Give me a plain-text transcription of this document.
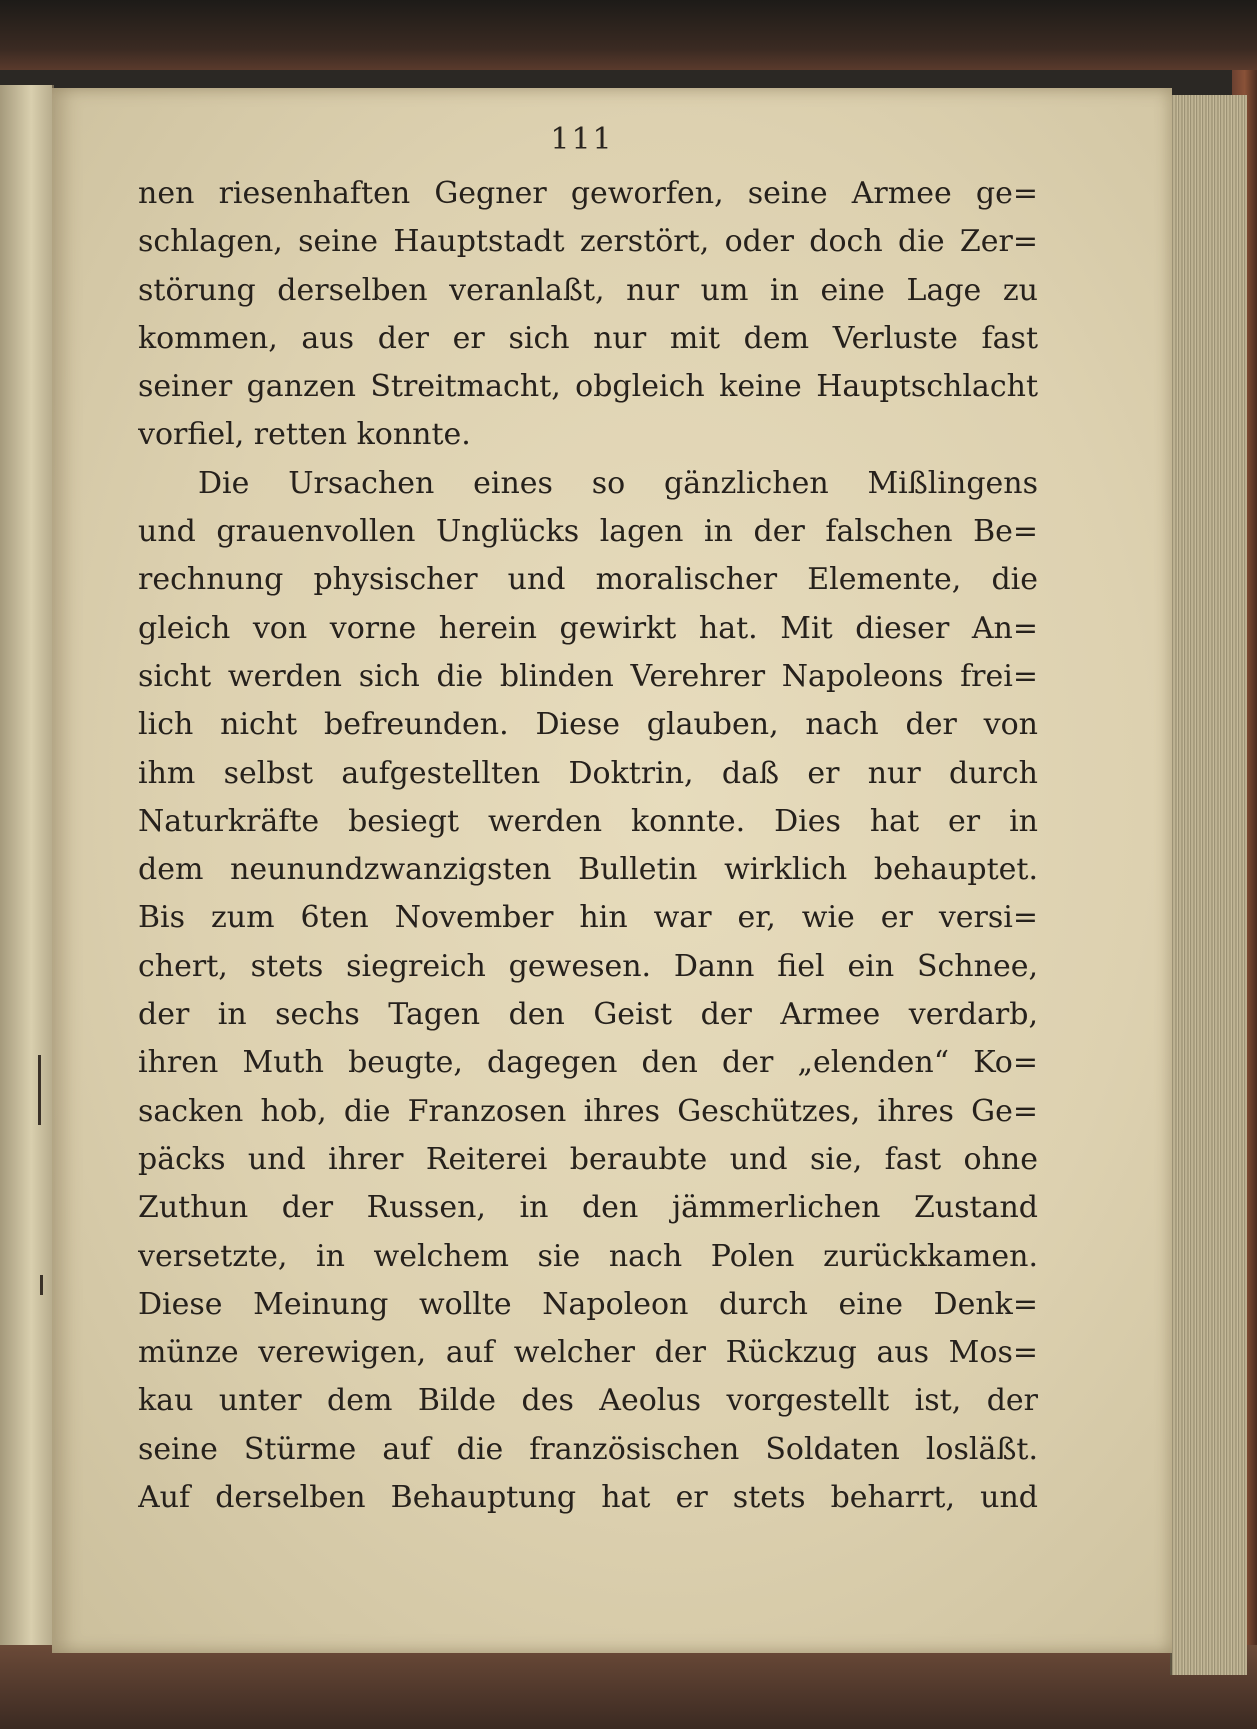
111
nen riesenhaften Gegner geworfen, seine Armee ge=
schlagen, seine Hauptstadt zerstört, oder doch die Zer=
störung derselben veranlaßt, nur um in eine Lage zu
kommen, aus der er sich nur mit dem Verluste fast
seiner ganzen Streitmacht, obgleich keine Hauptschlacht
vorfiel, retten konnte.
Die Ursachen eines so gänzlichen Mißlingens
und grauenvollen Unglücks lagen in der falschen Be=
rechnung physischer und moralischer Elemente, die
gleich von vorne herein gewirkt hat. Mit dieser An=
sicht werden sich die blinden Verehrer Napoleons frei=
lich nicht befreunden. Diese glauben, nach der von
ihm selbst aufgestellten Doktrin, daß er nur durch
Naturkräfte besiegt werden konnte. Dies hat er in
dem neunundzwanzigsten Bulletin wirklich behauptet.
Bis zum 6ten November hin war er, wie er versi=
chert, stets siegreich gewesen. Dann fiel ein Schnee,
der in sechs Tagen den Geist der Armee verdarb,
ihren Muth beugte, dagegen den der „elenden“ Ko=
sacken hob, die Franzosen ihres Geschützes, ihres Ge=
päcks und ihrer Reiterei beraubte und sie, fast ohne
Zuthun der Russen, in den jämmerlichen Zustand
versetzte, in welchem sie nach Polen zurückkamen.
Diese Meinung wollte Napoleon durch eine Denk=
münze verewigen, auf welcher der Rückzug aus Mos=
kau unter dem Bilde des Aeolus vorgestellt ist, der
seine Stürme auf die französischen Soldaten losläßt.
Auf derselben Behauptung hat er stets beharrt, und
